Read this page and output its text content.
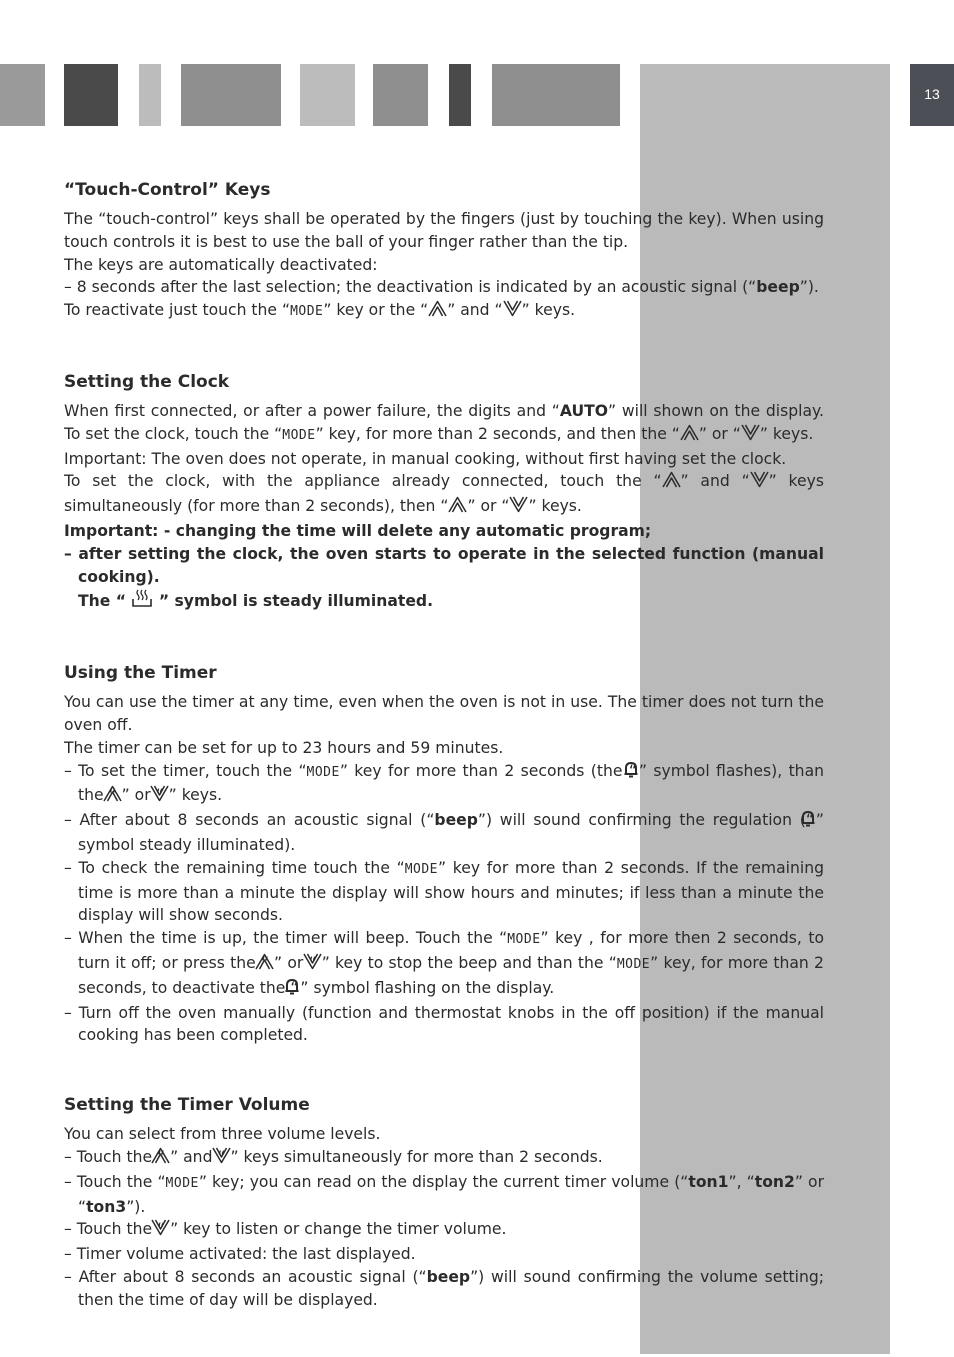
13
“Touch-Control” Keys

The “touch-control” keys shall be operated by the fingers (just by touching the key). When using touch controls it is best to use the ball of your finger rather than the tip.

The keys are automatically deactivated:

– 8 seconds after the last selection; the deactivation is indicated by an acoustic signal (“beep”).

To reactivate just touch the “MODE” key or the “ ” and “ ” keys.

Setting the Clock

When first connected, or after a power failure, the digits and “AUTO” will shown on the display. To set the clock, touch the “MODE” key, for more than 2 seconds, and then the “ ” or “ ” keys.

Important: The oven does not operate, in manual cooking, without first having set the clock.

To set the clock, with the appliance already connected, touch the “ ” and “ ” keys simultaneously (for more than 2 seconds), then “ ” or “ ” keys.

Important: - changing the time will delete any automatic program;

– after setting the clock, the oven starts to operate in the selected function (manual cooking).

The “  ” symbol is steady illuminated.

Using the Timer

You can use the timer at any time, even when the oven is not in use. The timer does not turn the oven off.

The timer can be set for up to 23 hours and 59 minutes.

– To set the timer, touch the “MODE” key for more than 2 seconds (the “ ” symbol flashes), than the “ ” or “ ” keys.

– After about 8 seconds an acoustic signal (“beep”) will sound confirming the regulation (“ ” symbol steady illuminated).

– To check the remaining time touch the “MODE” key for more than 2 seconds. If the remaining time is more than a minute the display will show hours and minutes; if less than a minute the display will show seconds.

– When the time is up, the timer will beep. Touch the “MODE” key , for more then 2 seconds, to turn it off; or press the “ ” or “ ” key to stop the beep and than the “MODE” key, for more than 2 seconds, to deactivate the “ ” symbol flashing on the display.

– Turn off the oven manually (function and thermostat knobs in the off position) if the manual cooking has been completed.

Setting the Timer Volume

You can select from three volume levels.

– Touch the “ ” and “ ” keys simultaneously for more than 2 seconds.

– Touch the “MODE” key; you can read on the display the current timer volume (“ton1”, “ton2” or “ton3”).

– Touch the “ ” key to listen or change the timer volume.

– Timer volume activated: the last displayed.

– After about 8 seconds an acoustic signal (“beep”) will sound confirming the volume setting; then the time of day will be displayed.
